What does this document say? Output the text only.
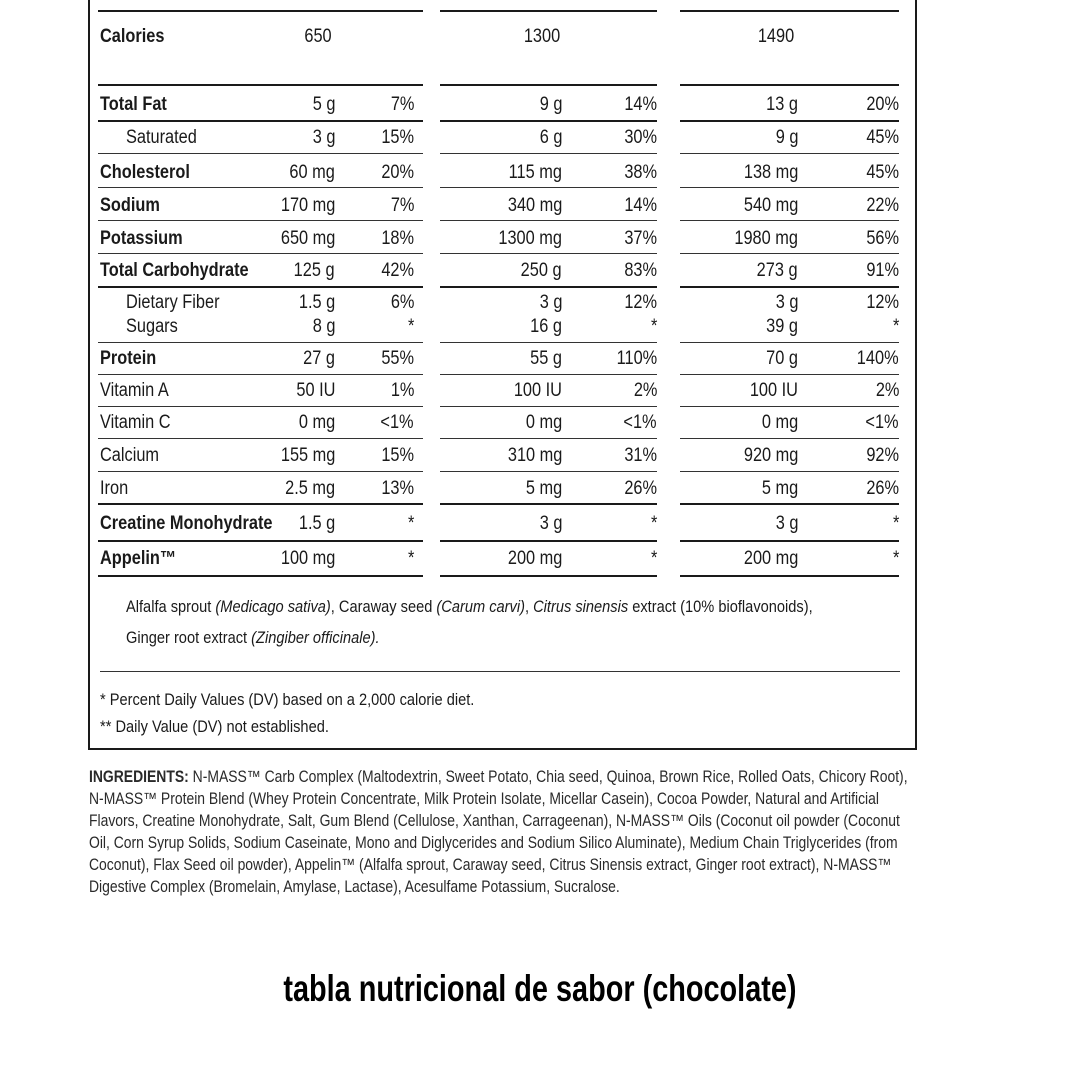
Calories	650	1300	1490
Total Fat	5 g	7%	9 g	14%	13 g	20%
Saturated	3 g 15%	6 g	30%	9 g	45%
Cholesterol	60 mg 20%	115 mg	38%	138 mg	45%
Sodium	170 mg	7%	340 mg	14%	540 mg	22%
Potassium	650 mg 18%	1300 mg	37%	1980 mg	56%
Total Carbohydrate 125 g 42%	250 g	83%	273 g	91%
Dietary Fiber	1.5 g	6%	3 g	12%	3 g	12%
Sugars	8 g	*	16 g	*	39 g	*
Protein	27 g 55%	55 g	110%	70 g	140%
Vitamin A	50 IU	1%	100 IU	2%	100 IU	2%
Vitamin C	0 mg <1%	0 mg	<1%	0 mg	<1%
Calcium	155 mg 15%	310 mg	31%	920 mg	92%
Iron	2.5 mg 13%	5 mg	26%	5 mg	26%
Creatine Monohydrate 1.5 g	*	3 g	*	3 g	*
Appelin™	100 mg	*	200 mg	*	200 mg	*
Alfalfa sprout (Medicago sativa), Caraway seed (Carum carvi), Citrus sinensis extract (10% bioflavonoids),
Ginger root extract (Zingiber officinale).
* Percent Daily Values (DV) based on a 2,000 calorie diet.
** Daily Value (DV) not established.
INGREDIENTS: N-MASS™ Carb Complex (Maltodextrin, Sweet Potato, Chia seed, Quinoa, Brown Rice, Rolled Oats, Chicory Root), N-MASS™ Protein Blend (Whey Protein Concentrate, Milk Protein Isolate, Micellar Casein), Cocoa Powder, Natural and Artificial Flavors, Creatine Monohydrate, Salt, Gum Blend (Cellulose, Xanthan, Carrageenan), N-MASS™ Oils (Coconut oil powder (Coconut Oil, Corn Syrup Solids, Sodium Caseinate, Mono and Diglycerides and Sodium Silico Aluminate), Medium Chain Triglycerides (from Coconut), Flax Seed oil powder), Appelin™ (Alfalfa sprout, Caraway seed, Citrus Sinensis extract, Ginger root extract), N-MASS™ Digestive Complex (Bromelain, Amylase, Lactase), Acesulfame Potassium, Sucralose.
tabla nutricional de sabor (chocolate)
